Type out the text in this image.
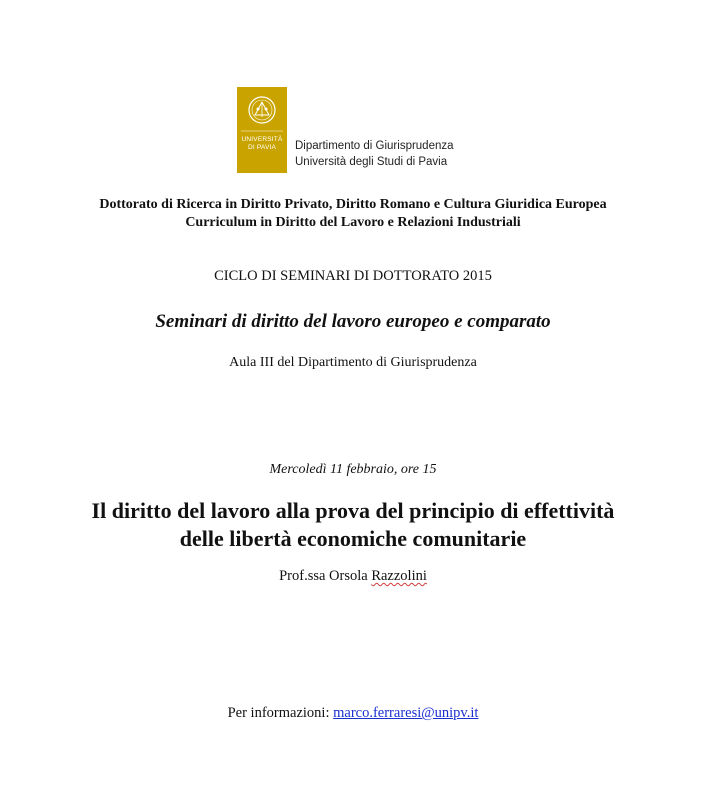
UNIVERSITÀ
DI PAVIA	Dipartimento di Giurisprudenza
Università degli Studi di Pavia
Dottorato di Ricerca in Diritto Privato, Diritto Romano e Cultura Giuridica Europea
Curriculum in Diritto del Lavoro e Relazioni Industriali
CICLO DI SEMINARI DI DOTTORATO 2015
Seminari di diritto del lavoro europeo e comparato
Aula III del Dipartimento di Giurisprudenza
Mercoledì 11 febbraio, ore 15
Il diritto del lavoro alla prova del principio di effettività
delle libertà economiche comunitarie
Prof.ssa Orsola Razzolini
Per informazioni: marco.ferraresi@unipv.it
